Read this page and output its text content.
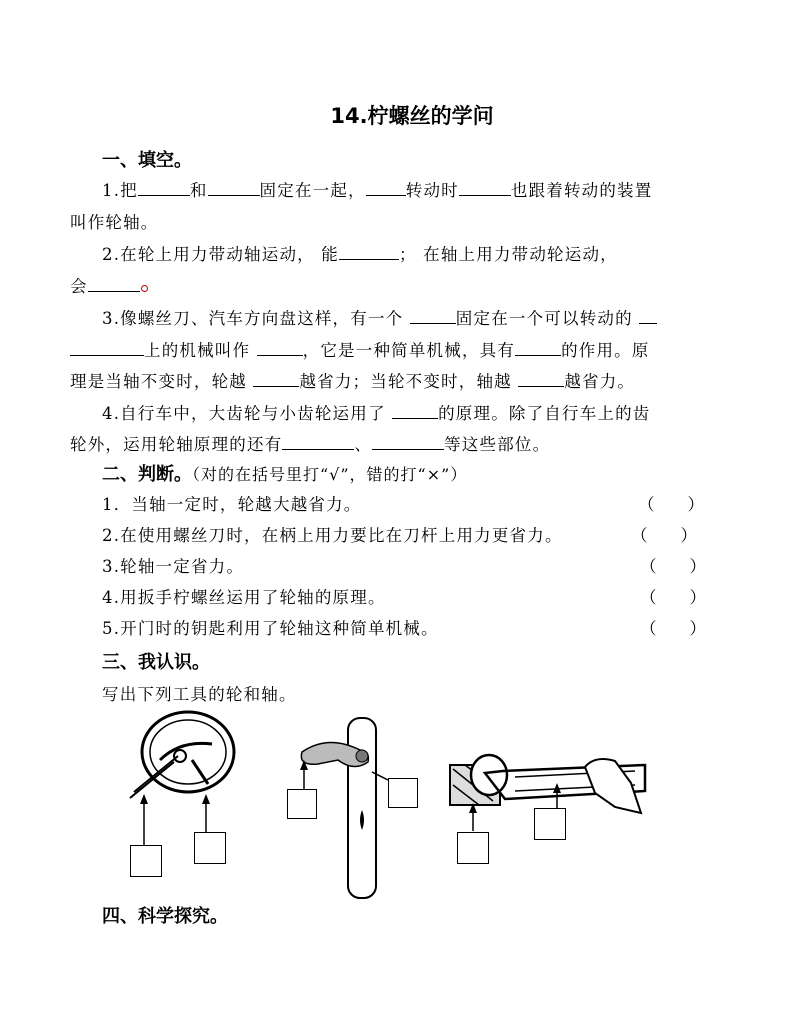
14.柠螺丝的学问
一、填空。
1.把	和	固定在一起， 转动时	也跟着转动的装置
叫作轮轴。
2.在轮上用力带动轴运动， 能	； 在轴上用力带动轮运动，
会
3.像螺丝刀、汽车方向盘这样，有一个	固定在一个可以转动的
上的机械叫作	，它是一种简单机械，具有	的作用。原
理是当轴不变时，轮越	越省力；当轮不变时，轴越	越省力。
4.自行车中，大齿轮与小齿轮运用了	的原理。除了自行车上的齿
轮外，运用轮轴原理的还有	、	等这些部位。
二、判断。（对的在括号里打“√”，错的打“×”）
1．当轴一定时，轮越大越省力。	（　　）
2.在使用螺丝刀时，在柄上用力要比在刀杆上用力更省力。	（　　）
3.轮轴一定省力。	（　　）
4.用扳手柠螺丝运用了轮轴的原理。	（　　）
5.开门时的钥匙利用了轮轴这种简单机械。	（　　）
三、我认识。
写出下列工具的轮和轴。
四、科学探究。
